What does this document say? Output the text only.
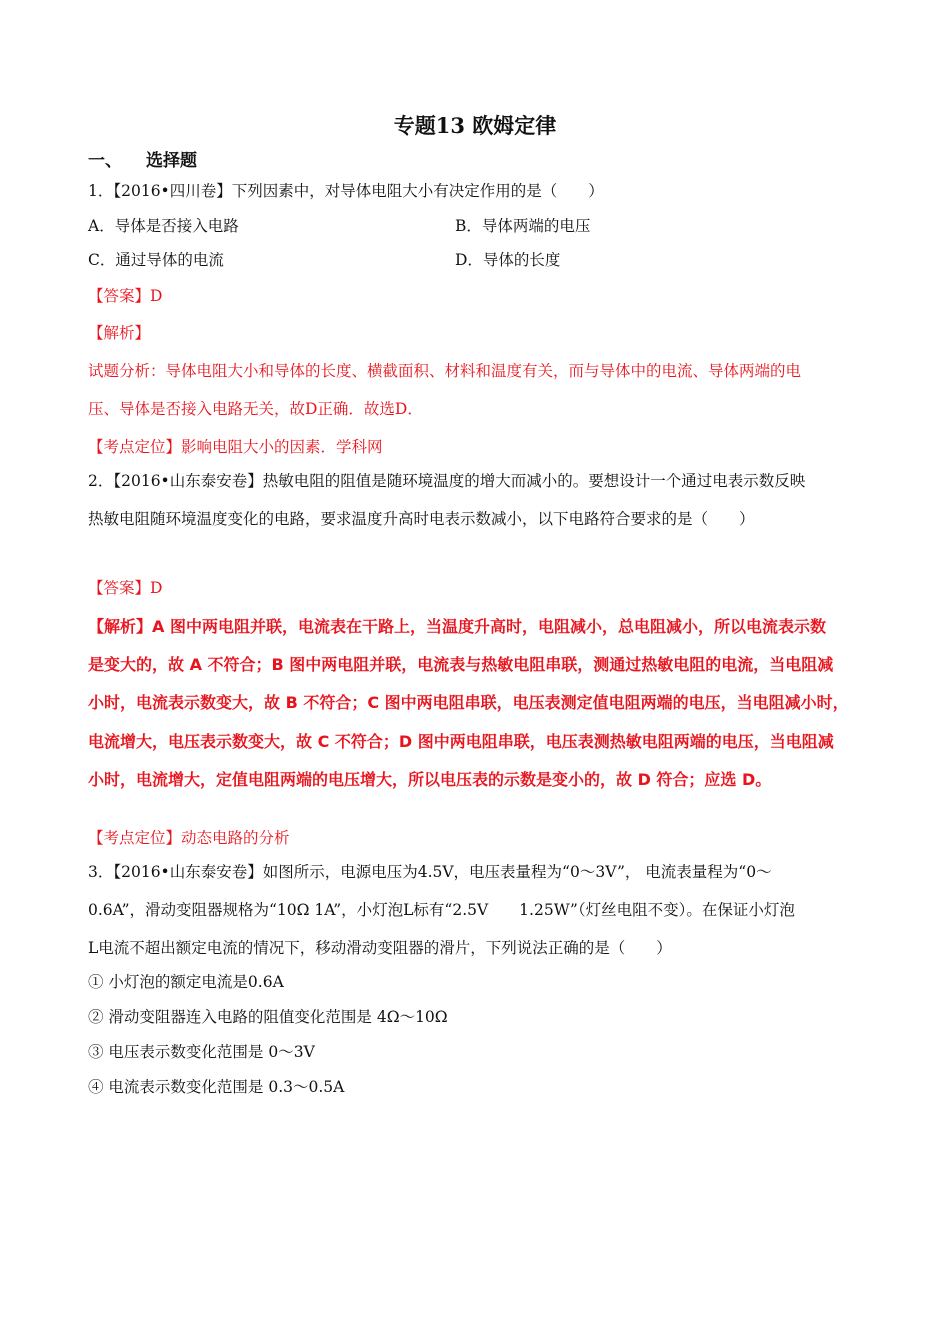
专题13 欧姆定律
一、 选择题
1．【2016•四川卷】下列因素中，对导体电阻大小有决定作用的是（　　）
A．导体是否接入电路	B．导体两端的电压
C．通过导体的电流	D．导体的长度
【答案】D
【解析】
试题分析：导体电阻大小和导体的长度、横截面积、材料和温度有关，而与导体中的电流、导体两端的电
压、导体是否接入电路无关，故D正确．故选D．
【考点定位】影响电阻大小的因素．学科网
2．【2016•山东泰安卷】热敏电阻的阻值是随环境温度的增大而减小的。要想设计一个通过电表示数反映
热敏电阻随环境温度变化的电路，要求温度升高时电表示数减小，以下电路符合要求的是（　　）
【答案】D
【解析】A 图中两电阻并联，电流表在干路上，当温度升高时，电阻减小，总电阻减小，所以电流表示数
是变大的，故 A 不符合；B 图中两电阻并联，电流表与热敏电阻串联，测通过热敏电阻的电流，当电阻减
小时，电流表示数变大，故 B 不符合；C 图中两电阻串联，电压表测定值电阻两端的电压，当电阻减小时，
电流增大，电压表示数变大，故 C 不符合；D 图中两电阻串联，电压表测热敏电阻两端的电压，当电阻减
小时，电流增大，定值电阻两端的电压增大，所以电压表的示数是变小的，故 D 符合；应选 D。
【考点定位】动态电路的分析
3．【2016•山东泰安卷】如图所示，电源电压为4.5V，电压表量程为“0～3V”， 电流表量程为“0～
0.6A”，滑动变阻器规格为“10Ω 1A”，小灯泡L标有“2.5V　　1.25W”（灯丝电阻不变）。在保证小灯泡
L电流不超出额定电流的情况下，移动滑动变阻器的滑片，下列说法正确的是（　　）
① 小灯泡的额定电流是0.6A
② 滑动变阻器连入电路的阻值变化范围是 4Ω～10Ω
③ 电压表示数变化范围是 0～3V
④ 电流表示数变化范围是 0.3～0.5A
